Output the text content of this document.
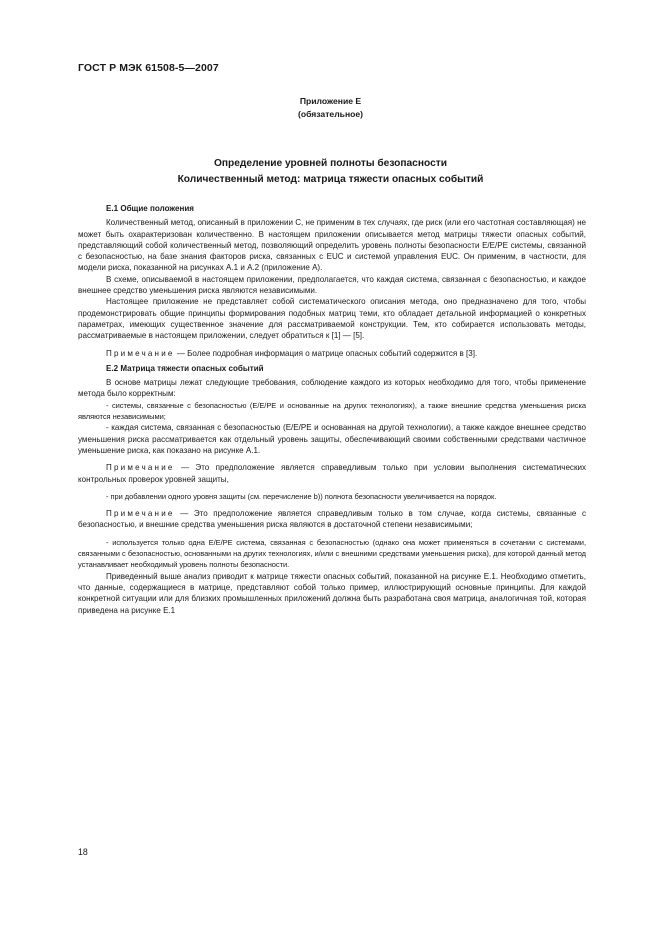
ГОСТ Р МЭК 61508-5—2007
Приложение Е
(обязательное)
Определение уровней полноты безопасности
Количественный метод: матрица тяжести опасных событий

Е.1 Общие положения

Количественный метод, описанный в приложении С, не применим в тех случаях, где риск (или его частотная составляющая) не может быть охарактеризован количественно. В настоящем приложении описывается метод матрицы тяжести опасных событий, представляющий собой количественный метод, позволяющий определить уровень полноты безопасности Е/Е/РЕ системы, связанной с безопасностью, на базе знания факторов риска, связанных с EUC и системой управления EUC. Он применим, в частности, для модели риска, показанной на рисунках А.1 и А.2 (приложение А).

В схеме, описываемой в настоящем приложении, предполагается, что каждая система, связанная с безопасностью, и каждое внешнее средство уменьшения риска являются независимыми.

Настоящее приложение не представляет собой систематического описания метода, оно предназначено для того, чтобы продемонстрировать общие принципы формирования подобных матриц теми, кто обладает детальной информацией о конкретных параметрах, имеющих существенное значение для рассматриваемой конструкции. Тем, кто собирается использовать методы, рассматриваемые в настоящем приложении, следует обратиться к [1] — [5].

Примечание — Более подробная информация о матрице опасных событий содержится в [3].

Е.2 Матрица тяжести опасных событий

В основе матрицы лежат следующие требования, соблюдение каждого из которых необходимо для того, чтобы применение метода было корректным:

- системы, связанные с безопасностью (Е/Е/РЕ и основанные на других технологиях), а также внешние средства уменьшения риска являются независимыми;

- каждая система, связанная с безопасностью (Е/Е/РЕ и основанная на другой технологии), а также каждое внешнее средство уменьшения риска рассматривается как отдельный уровень защиты, обеспечивающий своими собственными средствами частичное уменьшение риска, как показано на рисунке А.1.

Примечание — Это предположение является справедливым только при условии выполнения систематических контрольных проверок уровней защиты,

- при добавлении одного уровня защиты (см. перечисление b)) полнота безопасности увеличивается на порядок.

Примечание — Это предположение является справедливым только в том случае, когда системы, связанные с безопасностью, и внешние средства уменьшения риска являются в достаточной степени независимыми;

- используется только одна Е/Е/РЕ система, связанная с безопасностью (однако она может применяться в сочетании с системами, связанными с безопасностью, основанными на других технологиях, и/или с внешними средствами уменьшения риска), для которой данный метод устанавливает необходимый уровень полноты безопасности.

Приведенный выше анализ приводит к матрице тяжести опасных событий, показанной на рисунке Е.1. Необходимо отметить, что данные, содержащиеся в матрице, представляют собой только пример, иллюстрирующий основные принципы. Для каждой конкретной ситуации или для близких промышленных приложений должна быть разработана своя матрица, аналогичная той, которая приведена на рисунке Е.1

18
